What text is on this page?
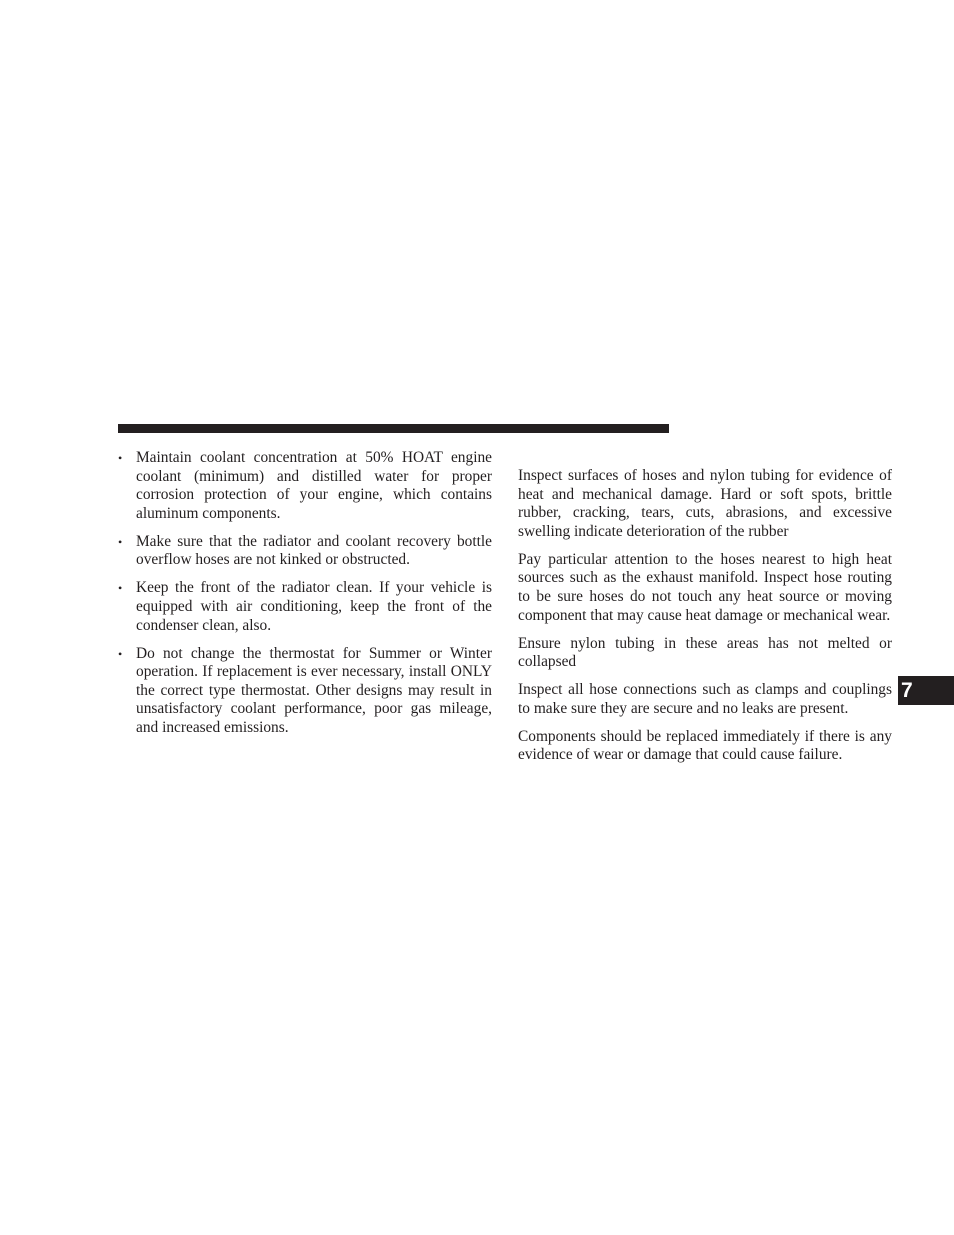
• Maintain coolant concentration at 50% HOAT engine coolant (minimum) and distilled water for proper corrosion protection of your engine, which contains aluminum components.
• Make sure that the radiator and coolant recovery bottle overflow hoses are not kinked or obstructed.
• Keep the front of the radiator clean. If your vehicle is equipped with air conditioning, keep the front of the condenser clean, also.
• Do not change the thermostat for Summer or Winter operation. If replacement is ever necessary, install ONLY the correct type thermostat. Other designs may result in unsatisfactory coolant performance, poor gas mileage, and increased emissions.

Inspect surfaces of hoses and nylon tubing for evidence of heat and mechanical damage. Hard or soft spots, brittle rubber, cracking, tears, cuts, abrasions, and excessive swelling indicate deterioration of the rubber

Pay particular attention to the hoses nearest to high heat sources such as the exhaust manifold. Inspect hose routing to be sure hoses do not touch any heat source or moving component that may cause heat damage or mechanical wear.

Ensure nylon tubing in these areas has not melted or collapsed

Inspect all hose connections such as clamps and couplings to make sure they are secure and no leaks are present.

Components should be replaced immediately if there is any evidence of wear or damage that could cause failure.

7
